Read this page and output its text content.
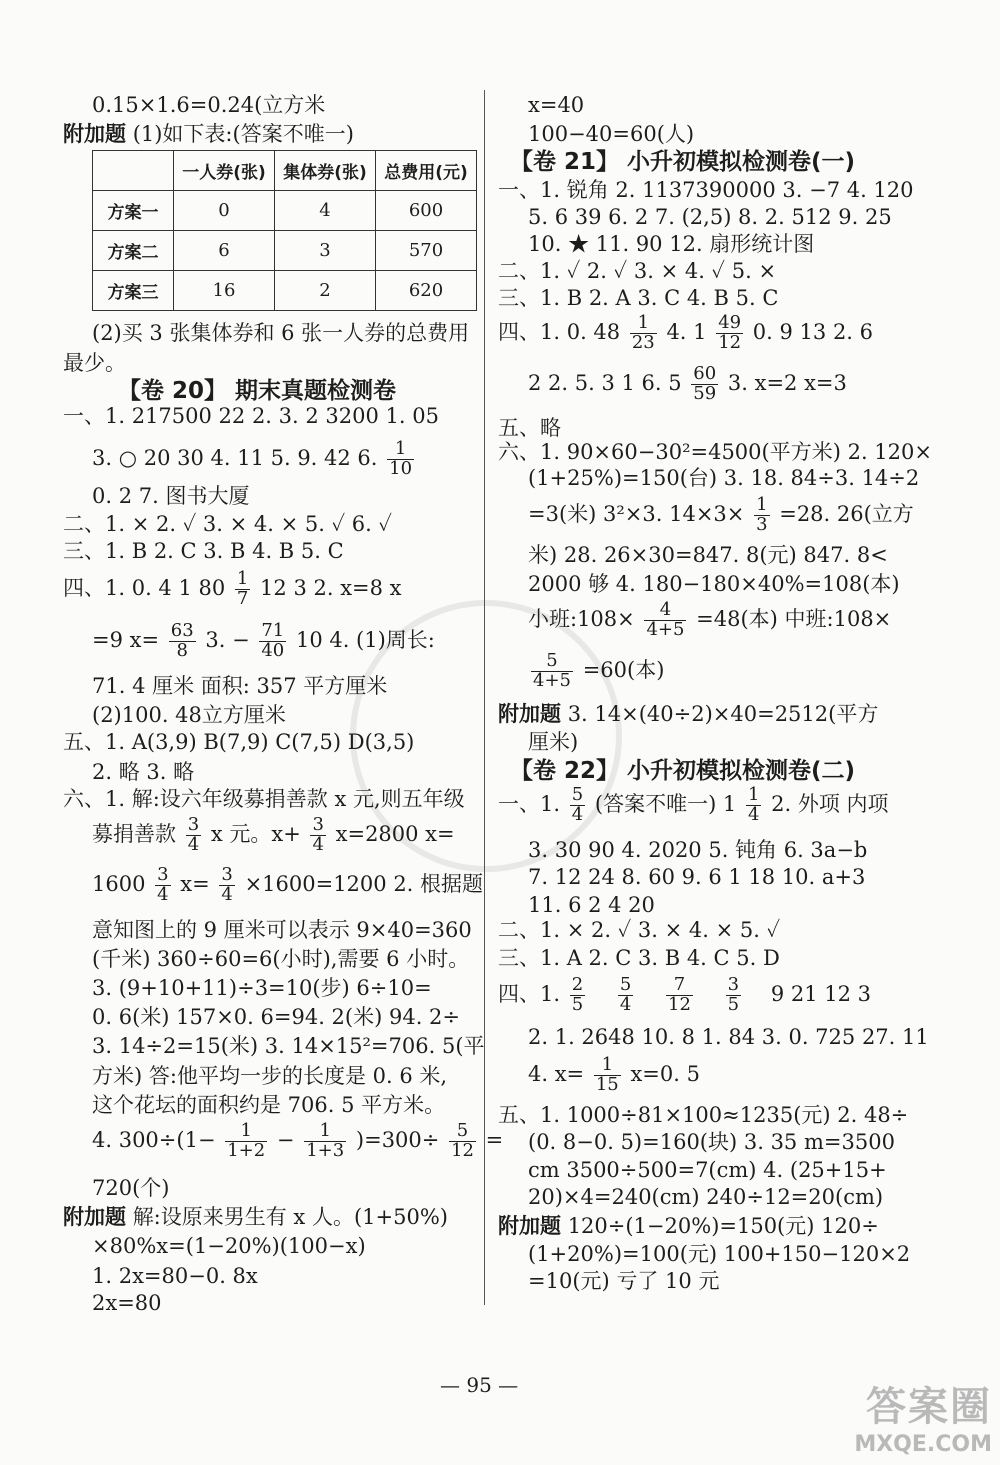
0.15×1.6=0.24(立方米
附加题 (1)如下表:(答案不唯一)
	一人券(张)	集体券(张)	总费用(元)
方案一	0	4	600
方案二	6	3	570
方案三	16	2	620
(2)买 3 张集体券和 6 张一人券的总费用
最少。
【卷 20】 期末真题检测卷
一、1. 217500 22 2. 3. 2 3200 1. 05
3. ○ 20 30 4. 11 5. 9. 42 6. $\frac{1}{10}$
0. 2 7. 图书大厦
二、1. × 2. ✓ 3. × 4. × 5. ✓ 6. ✓
三、1. B 2. C 3. B 4. B 5. C
四、1. 0. 4 1 $80 \frac{1}{7} 12$ 3 2. x=8 x
=9 $x= \frac{63}{8} 3$. − $\frac{71}{40} 10$ 4. (1)周长:
71. 4 厘米 面积: 357 平方厘米
(2)100. 48立方厘米
五、1. A(3,9) B(7,9) C(7,5) D(3,5)
2. 略 3. 略
六、1. 解:设六年级募捐善款 x 元,则五年级
募捐善款 $\frac{3}{4}$ x 元。$x+ \frac{3}{4} x=2800$ x=
$1600 \frac{3}{4} x= \frac{3}{4} \times 1600=1200$ 2. 根据题
意知图上的 9 厘米可以表示 9×40=360
(千米) 360÷60=6(小时),需要 6 小时。
3. (9+10+11)÷3=10(步) 6÷10=
0. 6(米) 157×0. 6=94. 2(米) 94. 2÷
3. 14÷2=15(米) 3. 14×15²=706. 5(平
方米) 答:他平均一步的长度是 0. 6 米,
这个花坛的面积约是 706. 5 平方米。
4. $300\div(1- \frac{1}{1+2} - \frac{1}{1+3} )=300\div \frac{5}{12}$ =
720(个)
附加题 解:设原来男生有 x 人。(1+50%)
×80%x=(1−20%)(100−x)
1. 2x=80−0. 8x
2x=80
x=40
100−40=60(人)
【卷 21】 小升初模拟检测卷(一)
一、1. 锐角 2. 1137390000 3. −7 4. 120
5. 6 39 6. 2 7. (2,5) 8. 2. 512 9. 25
10. ★ 11. 90 12. 扇形统计图
二、1. ✓ 2. ✓ 3. × 4. ✓ 5. ×
三、1. B 2. A 3. C 4. B 5. C
四、1. 0. $48 \frac{1}{23} 4$. $1 \frac{49}{12} 0$. 9 13 2. 6
2 2. 5. 3 1 6. $5 \frac{60}{59} 3$. x=2 x=3
五、略
六、1. 90×60−30²=4500(平方米) 2. 120×
(1+25%)=150(台) 3. 18. 84÷3. 14÷2
=3(米) 3²×3. $14\times 3\times \frac{1}{3} =28$. 26(立方
米) 28. 26×30=847. 8(元) 847. 8<
2000 够 4. 180−180×40%=108(本)
小班:108× $\frac{4}{4+5} =48$(本) 中班:108×
$\frac{5}{4+5} =60$(本)
附加题 3. 14×(40÷2)×40=2512(平方
厘米)
【卷 22】 小升初模拟检测卷(二)
一、1. $\frac{5}{4}$ (答案不唯一) $1 \frac{1}{4} 2$. 外项 内项
3. 30 90 4. 2020 5. 钝角 6. 3a−b
7. 12 24 8. 60 9. 6 1 18 10. a+3
11. 6 2 4 20
二、1. × 2. ✓ 3. × 4. × 5. ✓
三、1. A 2. C 3. B 4. C 5. D
四、1. $\frac{2}{5}$
$\frac{5}{4}$
$\frac{7}{12}$
$\frac{3}{5} 9$ 21 12 3
2. 1. 2648 10. 8 1. 84 3. 0. 725 27. 11
4. $x= \frac{1}{15} x=0$. 5
五、1. 1000÷81×100≈1235(元) 2. 48÷
(0. 8−0. 5)=160(块) 3. 35 m=3500
cm 3500÷500=7(cm) 4. (25+15+
20)×4=240(cm) 240÷12=20(cm)
附加题 120÷(1−20%)=150(元) 120÷
(1+20%)=100(元) 100+150−120×2
=10(元) 亏了 10 元
— 95 —	答案圈
MXQE.COM
